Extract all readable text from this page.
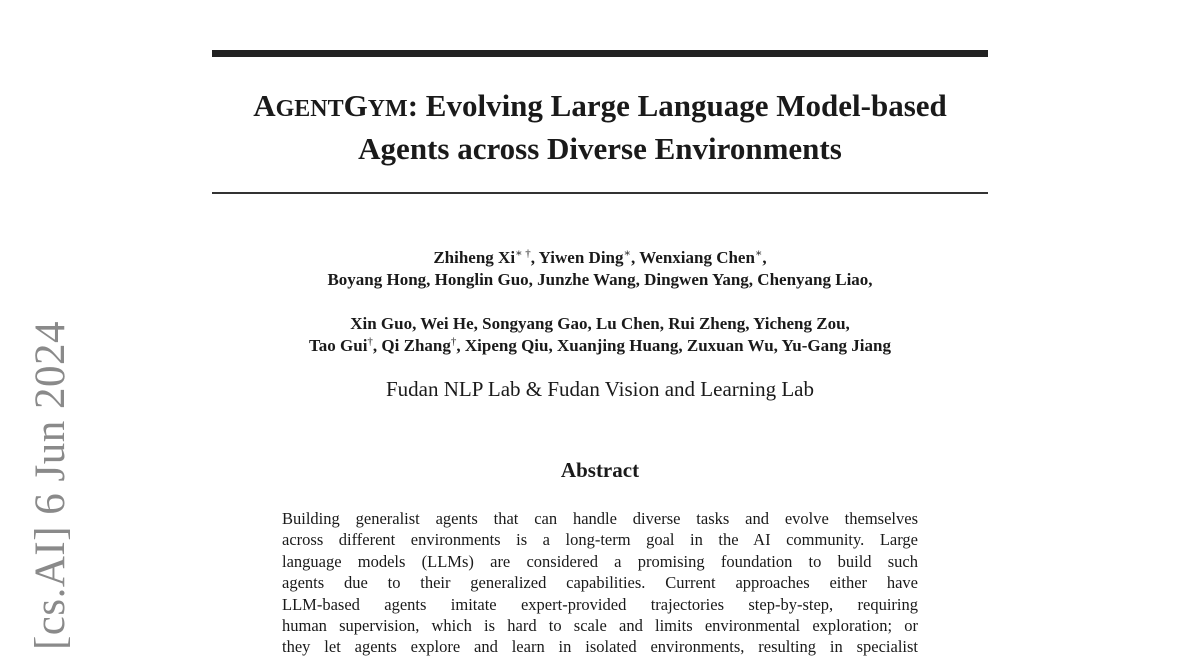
[cs.AI] 6 Jun 2024
AGENTGYM: Evolving Large Language Model-based
Agents across Diverse Environments
Zhiheng Xi∗ †, Yiwen Ding∗, Wenxiang Chen∗,
Boyang Hong, Honglin Guo, Junzhe Wang, Dingwen Yang, Chenyang Liao,
Xin Guo, Wei He, Songyang Gao, Lu Chen, Rui Zheng, Yicheng Zou,
Tao Gui†, Qi Zhang†, Xipeng Qiu, Xuanjing Huang, Zuxuan Wu, Yu-Gang Jiang
Fudan NLP Lab & Fudan Vision and Learning Lab
Abstract
Building generalist agents that can handle diverse tasks and evolve themselves
across different environments is a long-term goal in the AI community. Large
language models (LLMs) are considered a promising foundation to build such
agents due to their generalized capabilities. Current approaches either have
LLM-based agents imitate expert-provided trajectories step-by-step, requiring
human supervision, which is hard to scale and limits environmental exploration; or
they let agents explore and learn in isolated environments, resulting in specialist
